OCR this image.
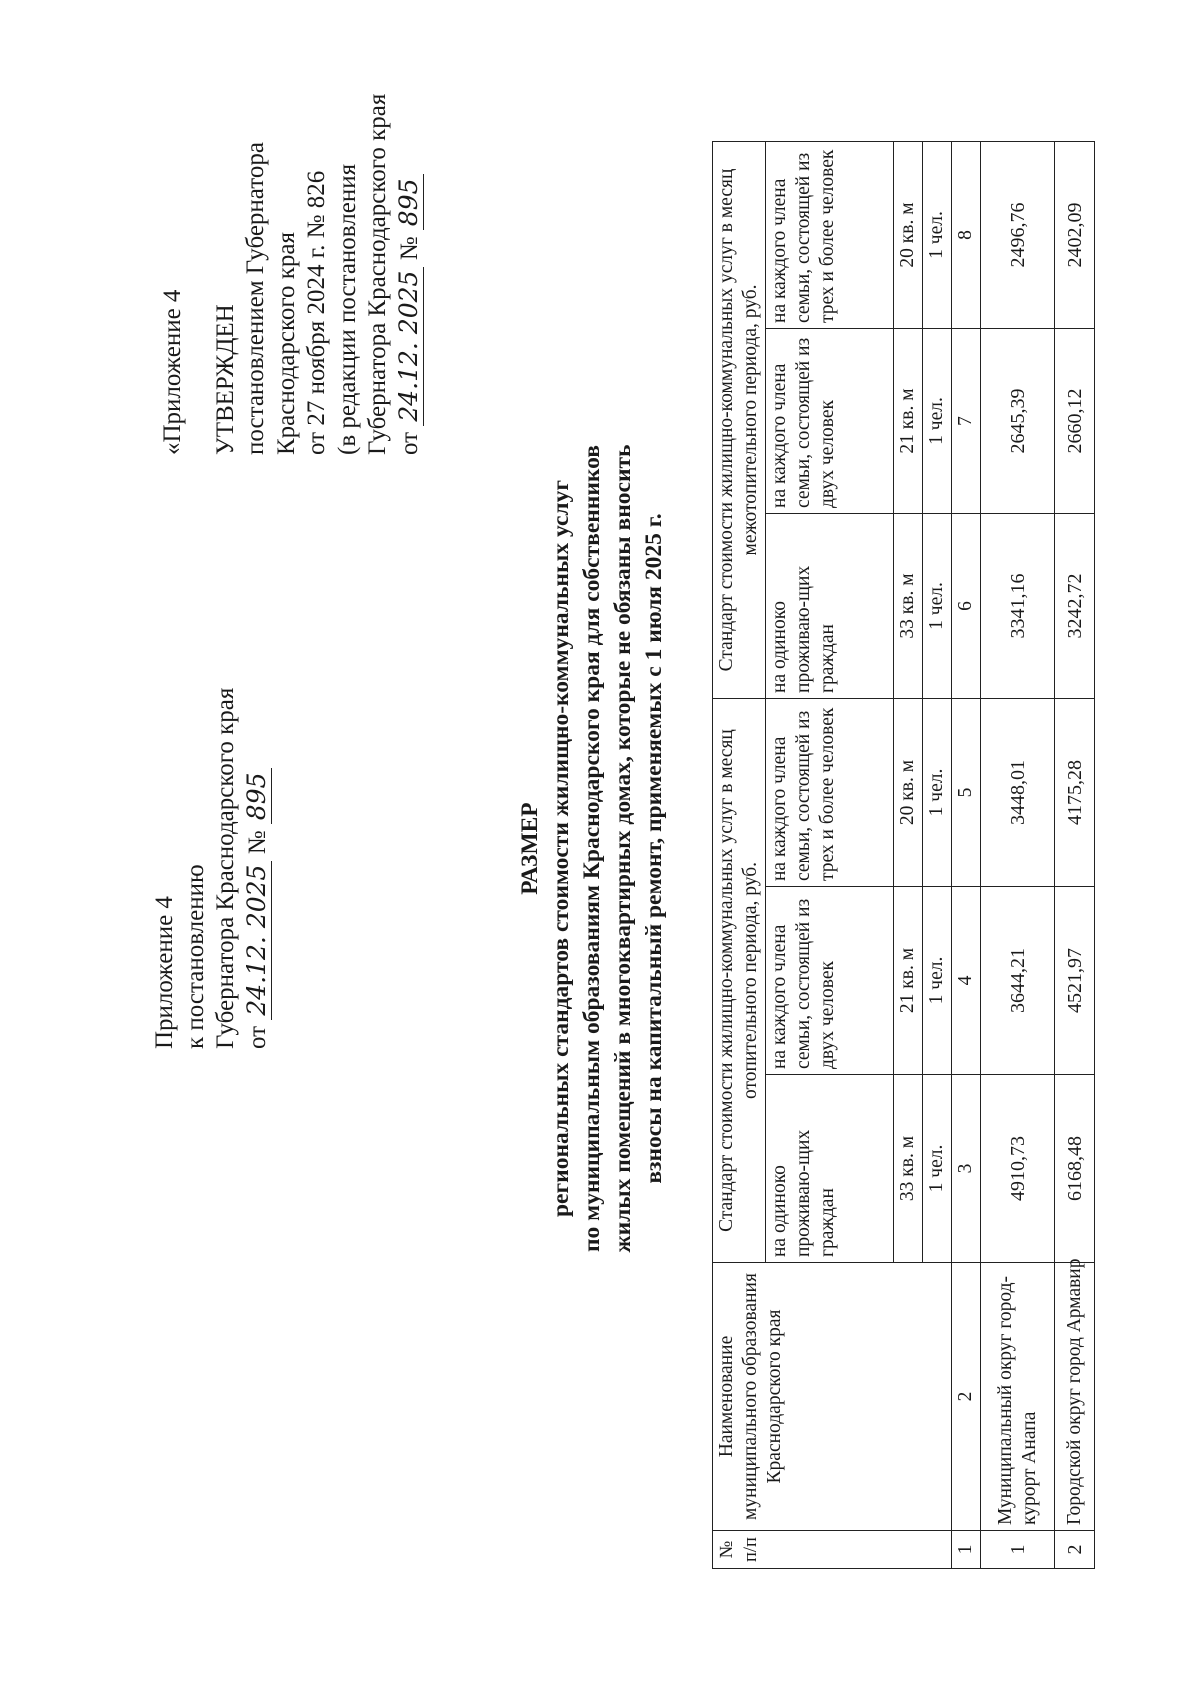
Приложение 4 к постановлению Губернатора Краснодарского края от 24.12. 2025 № 895
«Приложение 4 УТВЕРЖДЕН постановлением Губернатора Краснодарского края от 27 ноября 2024 г. № 826 (в редакции постановления Губернатора Краснодарского края от 24.12. 2025 № 895
РАЗМЕР региональных стандартов стоимости жилищно-коммунальных услуг по муниципальным образованиям Краснодарского края для собственников жилых помещений в многоквартирных домах, которые не обязаны вносить взносы на капитальный ремонт, применяемых с 1 июля 2025 г.
№ п/п	Наименование муниципального образования Краснодарского края	Стандарт стоимости жилищно-коммунальных услуг в месяц отопительного периода, руб.			Стандарт стоимости жилищно-коммунальных услуг в месяц межотопительного периода, руб.		
		на одиноко проживаю-щих граждан	на каждого члена семьи, состоящей из двух человек	на каждого члена семьи, состоящей из трех и более человек	на одиноко проживаю-щих граждан	на каждого члена семьи, состоящей из двух человек	на каждого члена семьи, состоящей из трех и более человек
		33 кв. м	21 кв. м	20 кв. м	33 кв. м	21 кв. м	20 кв. м
		1 чел.	1 чел.	1 чел.	1 чел.	1 чел.	1 чел.
1	2	3	4	5	6	7	8
1	Муниципальный округ город-курорт Анапа	4910,73	3644,21	3448,01	3341,16	2645,39	2496,76
2	Городской округ город Армавир	6168,48	4521,97	4175,28	3242,72	2660,12	2402,09
